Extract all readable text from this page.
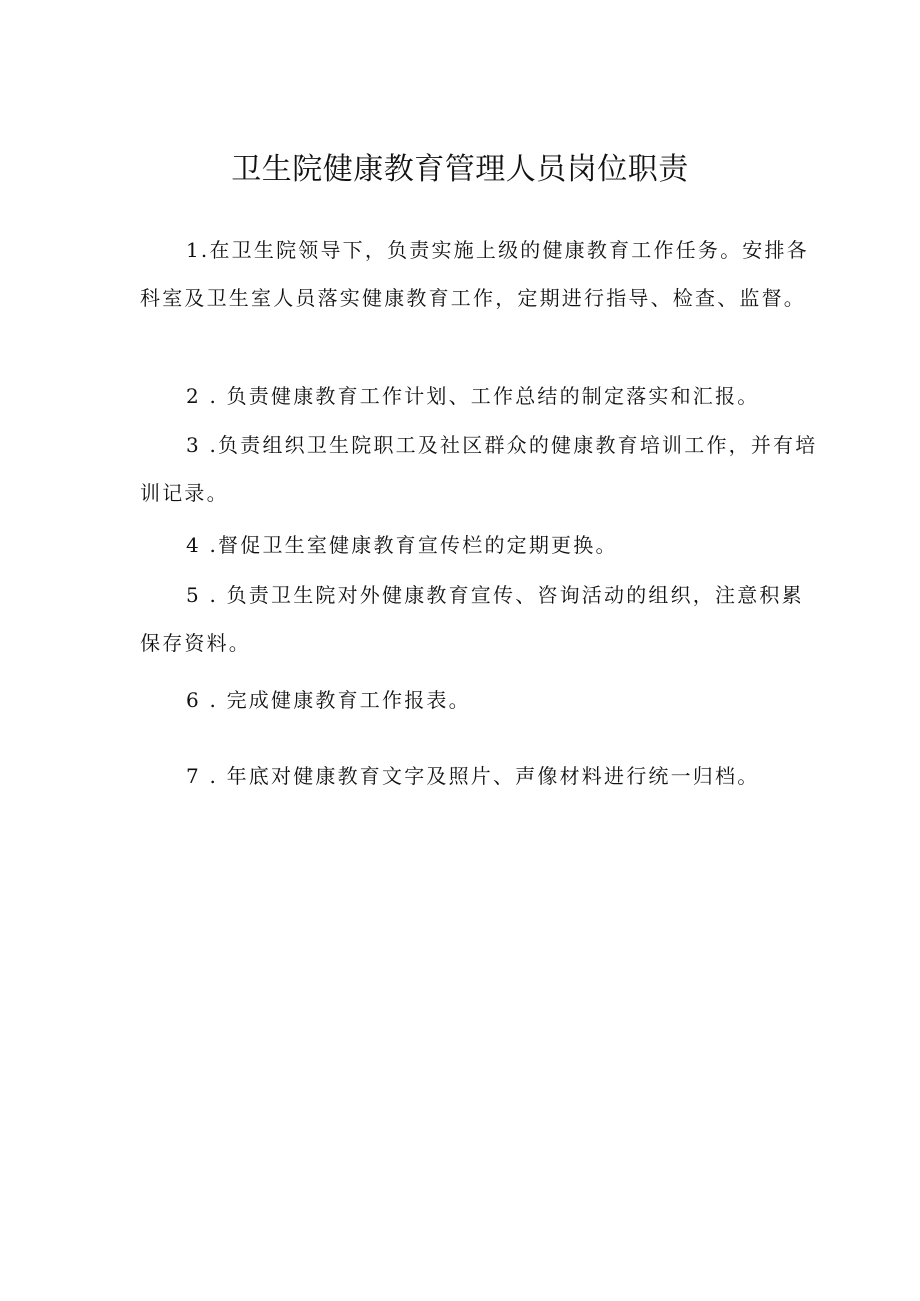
卫生院健康教育管理人员岗位职责

1.在卫生院领导下，负责实施上级的健康教育工作任务。安排各科室及卫生室人员落实健康教育工作，定期进行指导、检查、监督。

2 . 负责健康教育工作计划、工作总结的制定落实和汇报。

3 .负责组织卫生院职工及社区群众的健康教育培训工作，并有培训记录。

4 .督促卫生室健康教育宣传栏的定期更换。

5 . 负责卫生院对外健康教育宣传、咨询活动的组织，注意积累保存资料。

6 . 完成健康教育工作报表。

7 . 年底对健康教育文字及照片、声像材料进行统一归档。
